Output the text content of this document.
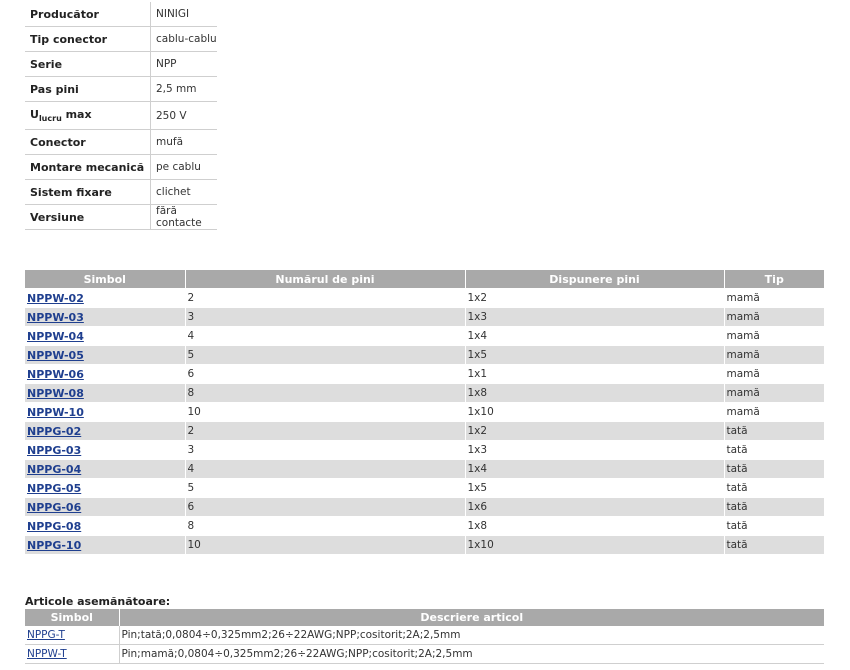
Producător	NINIGI
Tip conector	cablu-cablu
Serie	NPP
Pas pini	2,5 mm
$U_{lucru}$ max	250 V
Conector	mufă
Montare mecanică	pe cablu
Sistem fixare	clichet
Versiune	fără contacte
Simbol	Numărul de pini	Dispunere pini	Tip
NPPW-02	2	1x2	mamă
NPPW-03	3	1x3	mamă
NPPW-04	4	1x4	mamă
NPPW-05	5	1x5	mamă
NPPW-06	6	1x1	mamă
NPPW-08	8	1x8	mamă
NPPW-10	10	1x10	mamă
NPPG-02	2	1x2	tată
NPPG-03	3	1x3	tată
NPPG-04	4	1x4	tată
NPPG-05	5	1x5	tată
NPPG-06	6	1x6	tată
NPPG-08	8	1x8	tată
NPPG-10	10	1x10	tată
Articole asemănătoare:
Simbol	Descriere articol
NPPG-T	Pin;tată;0,0804÷0,325mm2;26÷22AWG;NPP;cositorit;2A;2,5mm
NPPW-T	Pin;mamă;0,0804÷0,325mm2;26÷22AWG;NPP;cositorit;2A;2,5mm
